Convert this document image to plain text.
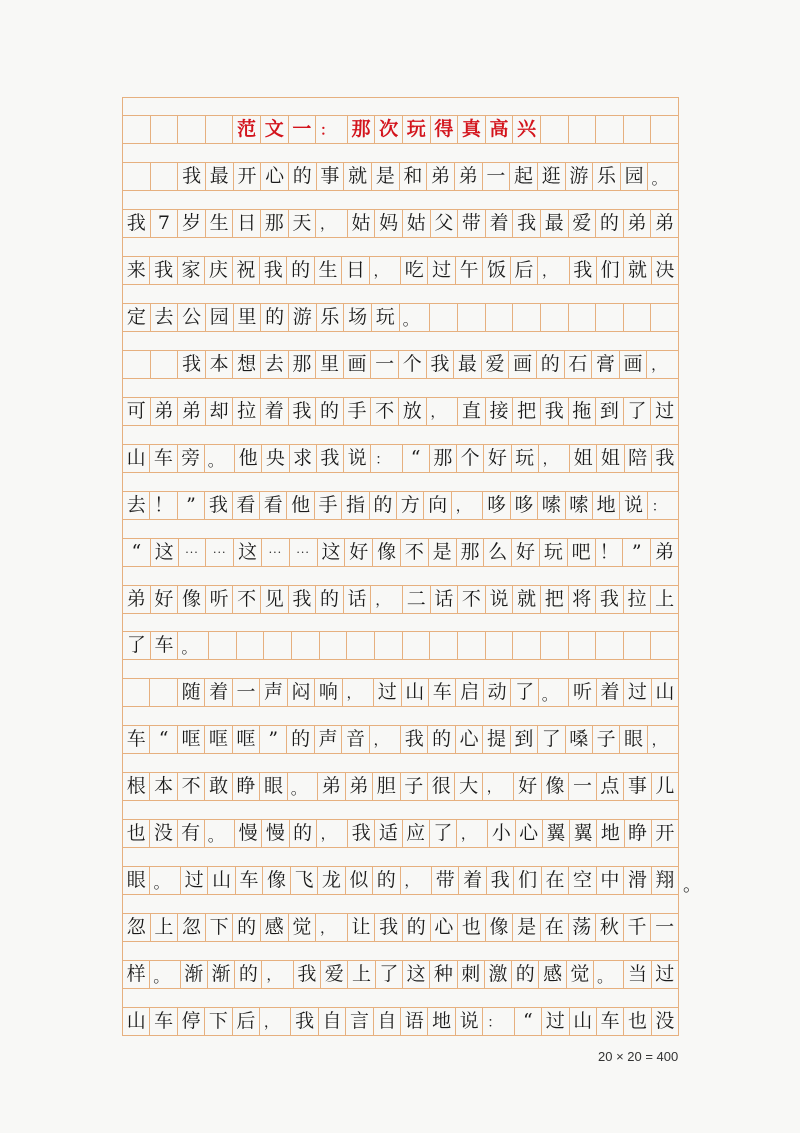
范 文 一 ： 那 次 玩 得 真 高 兴
我 最 开 心 的 事 就 是 和 弟 弟 一 起 逛 游 乐 园 。
我 7 岁 生 日 那 天 ， 姑 妈 姑 父 带 着 我 最 爱 的 弟 弟
来 我 家 庆 祝 我 的 生 日 ， 吃 过 午 饭 后 ， 我 们 就 决
定 去 公 园 里 的 游 乐 场 玩 。
我 本 想 去 那 里 画 一 个 我 最 爱 画 的 石 膏 画 ，
可 弟 弟 却 拉 着 我 的 手 不 放 ， 直 接 把 我 拖 到 了 过
山 车 旁 。 他 央 求 我 说 ：	“ 那 个 好 玩 ， 姐 姐 陪 我
去 ！ ” 我 看 看 他 手 指 的 方 向 ， 哆 哆 嗦 嗦 地 说 ：
“ 这	···	··· 这	···	··· 这 好 像 不 是 那 么 好 玩 吧 ！ ” 弟
弟 好 像 听 不 见 我 的 话 ， 二 话 不 说 就 把 将 我 拉 上
了 车 。
随 着 一 声 闷 响 ， 过 山 车 启 动 了 。 听 着 过 山
车 “ 哐 哐 哐 ” 的 声 音 ， 我 的 心 提 到 了 嗓 子 眼 ，
根 本 不 敢 睁 眼 。 弟 弟 胆 子 很 大 ， 好 像 一 点 事 儿
也 没 有 。 慢 慢 的 ， 我 适 应 了 ， 小 心 翼 翼 地 睁 开
眼 。 过 山 车 像 飞 龙 似 的 ， 带 着 我 们 在 空 中 滑 翔
忽 上 忽 下 的 感 觉 ， 让 我 的 心 也 像 是 在 荡 秋 千 一
样 。 渐 渐 的 ， 我 爱 上 了 这 种 刺 激 的 感 觉 。 当 过
山 车 停 下 后 ， 我 自 言 自 语 地 说 ：	“ 过 山 车 也 没
。
20 × 20 = 400
